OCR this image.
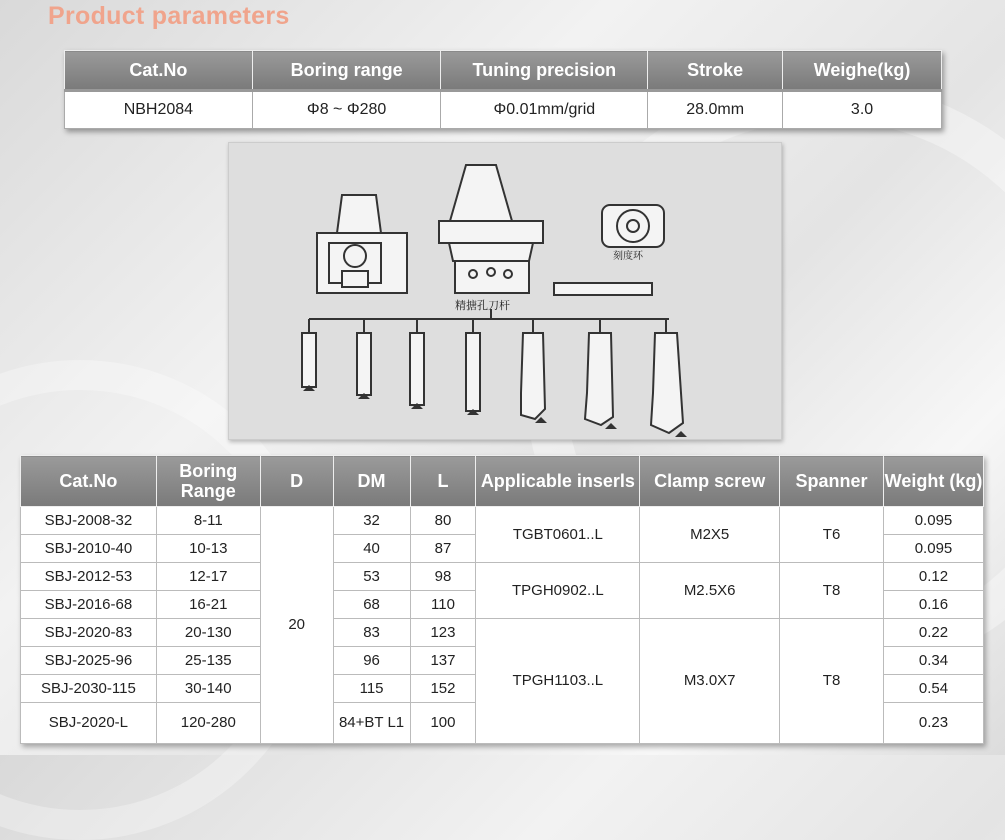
Product parameters
Cat.No	Boring range	Tuning precision	Stroke	Weighe(kg)
NBH2084	Φ8 ~ Φ280	Φ0.01mm/grid	28.0mm	3.0
精搪孔刀杆
刻度环
Cat.No	Boring Range	D	DM	L	Applicable inserls	Clamp screw	Spanner	Weight (kg)
SBJ-2008-32	8-11	20	32	80	TGBT0601..L	M2X5	T6	0.095
SBJ-2010-40	10-13		40	87				0.095
SBJ-2012-53	12-17		53	98	TPGH0902..L	M2.5X6	T8	0.12
SBJ-2016-68	16-21		68	110				0.16
SBJ-2020-83	20-130		83	123	TPGH1103..L	M3.0X7	T8	0.22
SBJ-2025-96	25-135		96	137				0.34
SBJ-2030-115	30-140		115	152				0.54
SBJ-2020-L	120-280		84+BT L1	100				0.23
